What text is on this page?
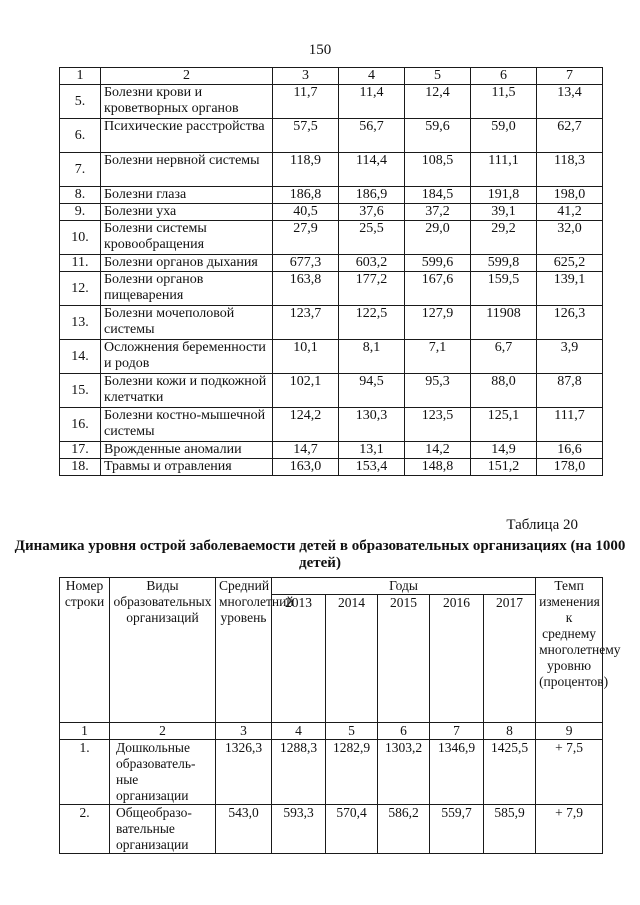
150
1	2	3	4	5	6	7
5.	Болезни крови и кроветворных органов	11,7	11,4	12,4	11,5	13,4
6.	Психические расстройства	57,5	56,7	59,6	59,0	62,7
7.	Болезни нервной системы	118,9	114,4	108,5	111,1	118,3
8.	Болезни глаза	186,8	186,9	184,5	191,8	198,0
9.	Болезни уха	40,5	37,6	37,2	39,1	41,2
10.	Болезни системы кровообращения	27,9	25,5	29,0	29,2	32,0
11.	Болезни органов дыхания	677,3	603,2	599,6	599,8	625,2
12.	Болезни органов пищеварения	163,8	177,2	167,6	159,5	139,1
13.	Болезни мочеполовой системы	123,7	122,5	127,9	11908	126,3
14.	Осложнения беременности и родов	10,1	8,1	7,1	6,7	3,9
15.	Болезни кожи и подкожной клетчатки	102,1	94,5	95,3	88,0	87,8
16.	Болезни костно-мышечной системы	124,2	130,3	123,5	125,1	111,7
17.	Врожденные аномалии	14,7	13,1	14,2	14,9	16,6
18.	Травмы и отравления	163,0	153,4	148,8	151,2	178,0
Таблица 20
Динамика уровня острой заболеваемости детей в образовательных организациях (на 1000 детей)
Номер строки	Виды образовательных организаций	Средний многолетний уровень	Годы					Темп изменения к среднему многолетнему уровню (процентов)
			2013	2014	2015	2016	2017	
1	2	3	4	5	6	7	8	9
1.	Дошкольные образователь-ные организации	1326,3	1288,3	1282,9	1303,2	1346,9	1425,5	+ 7,5
2.	Общеобразо-вательные организации	543,0	593,3	570,4	586,2	559,7	585,9	+ 7,9
